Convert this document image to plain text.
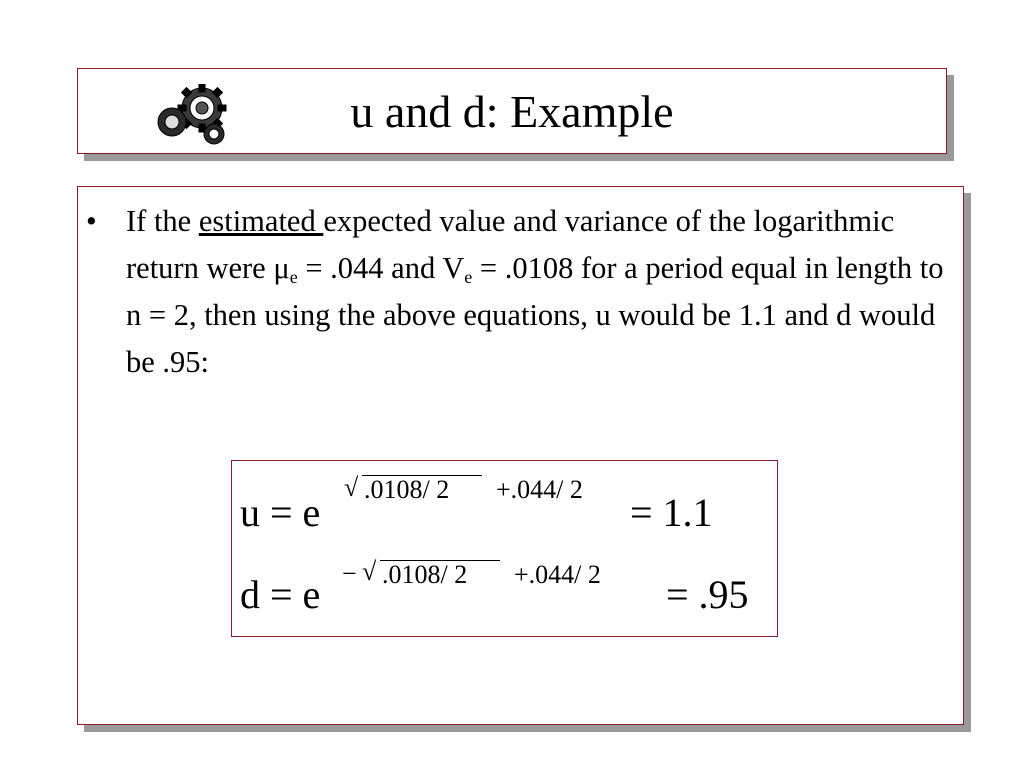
u and d: Example
• If the estimated expected value and variance of the logarithmic return were $\mu_e = .044$ and $V_e = .0108$ for a period equal in length to n = 2, then using the above equations, u would be 1.1 and d would be .95:
u = e
√ .0108/ 2 +.044/ 2
= 1.1
d = e − √ .0108/ 2 +.044/ 2 = .95
